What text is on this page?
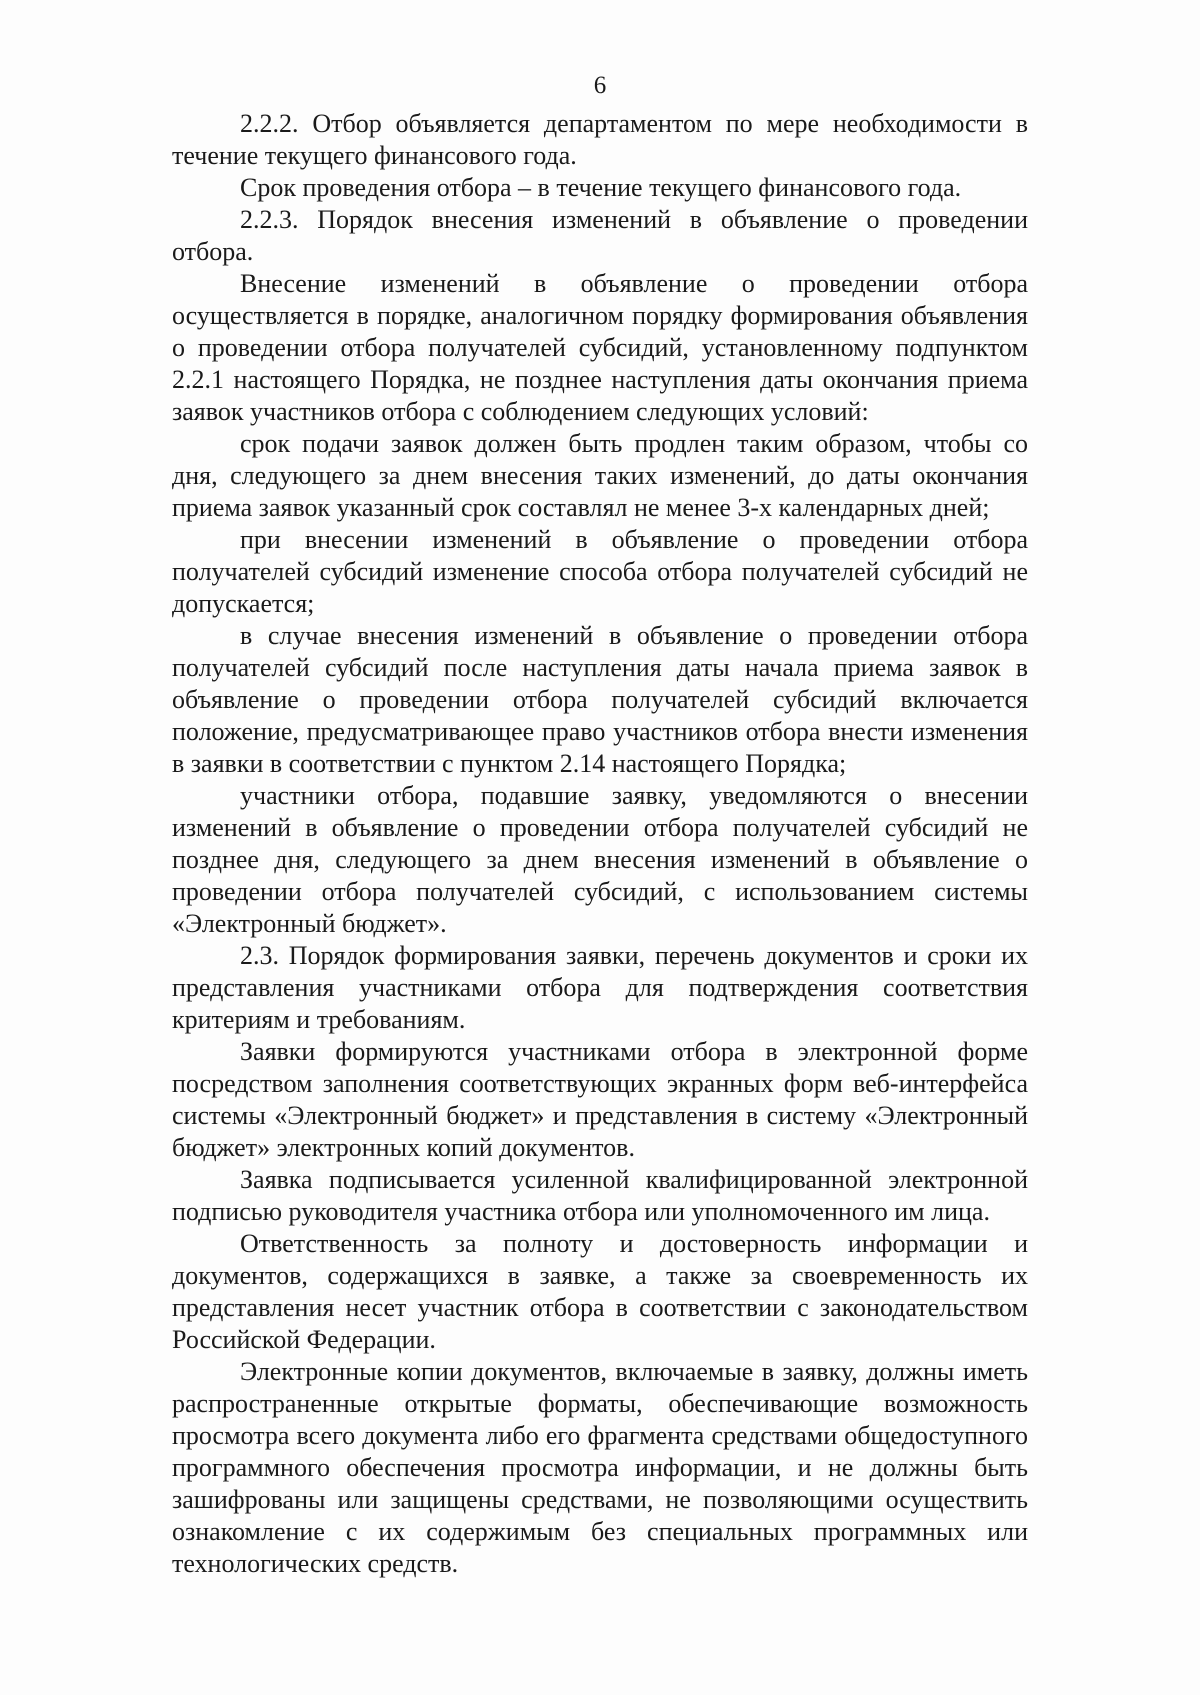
6

2.2.2. Отбор объявляется департаментом по мере необходимости в течение текущего финансового года.

Срок проведения отбора – в течение текущего финансового года.

2.2.3. Порядок внесения изменений в объявление о проведении отбора.

Внесение изменений в объявление о проведении отбора осуществляется в порядке, аналогичном порядку формирования объявления о проведении отбора получателей субсидий, установленному подпунктом 2.2.1 настоящего Порядка, не позднее наступления даты окончания приема заявок участников отбора с соблюдением следующих условий:

срок подачи заявок должен быть продлен таким образом, чтобы со дня, следующего за днем внесения таких изменений, до даты окончания приема заявок указанный срок составлял не менее 3-х календарных дней;

при внесении изменений в объявление о проведении отбора получателей субсидий изменение способа отбора получателей субсидий не допускается;

в случае внесения изменений в объявление о проведении отбора получателей субсидий после наступления даты начала приема заявок в объявление о проведении отбора получателей субсидий включается положение, предусматривающее право участников отбора внести изменения в заявки в соответствии с пунктом 2.14 настоящего Порядка;

участники отбора, подавшие заявку, уведомляются о внесении изменений в объявление о проведении отбора получателей субсидий не позднее дня, следующего за днем внесения изменений в объявление о проведении отбора получателей субсидий, с использованием системы «Электронный бюджет».

2.3. Порядок формирования заявки, перечень документов и сроки их представления участниками отбора для подтверждения соответствия критериям и требованиям.

Заявки формируются участниками отбора в электронной форме посредством заполнения соответствующих экранных форм веб-интерфейса системы «Электронный бюджет» и представления в систему «Электронный бюджет» электронных копий документов.

Заявка подписывается усиленной квалифицированной электронной подписью руководителя участника отбора или уполномоченного им лица.

Ответственность за полноту и достоверность информации и документов, содержащихся в заявке, а также за своевременность их представления несет участник отбора в соответствии с законодательством Российской Федерации.

Электронные копии документов, включаемые в заявку, должны иметь распространенные открытые форматы, обеспечивающие возможность просмотра всего документа либо его фрагмента средствами общедоступного программного обеспечения просмотра информации, и не должны быть зашифрованы или защищены средствами, не позволяющими осуществить ознакомление с их содержимым без специальных программных или технологических средств.
